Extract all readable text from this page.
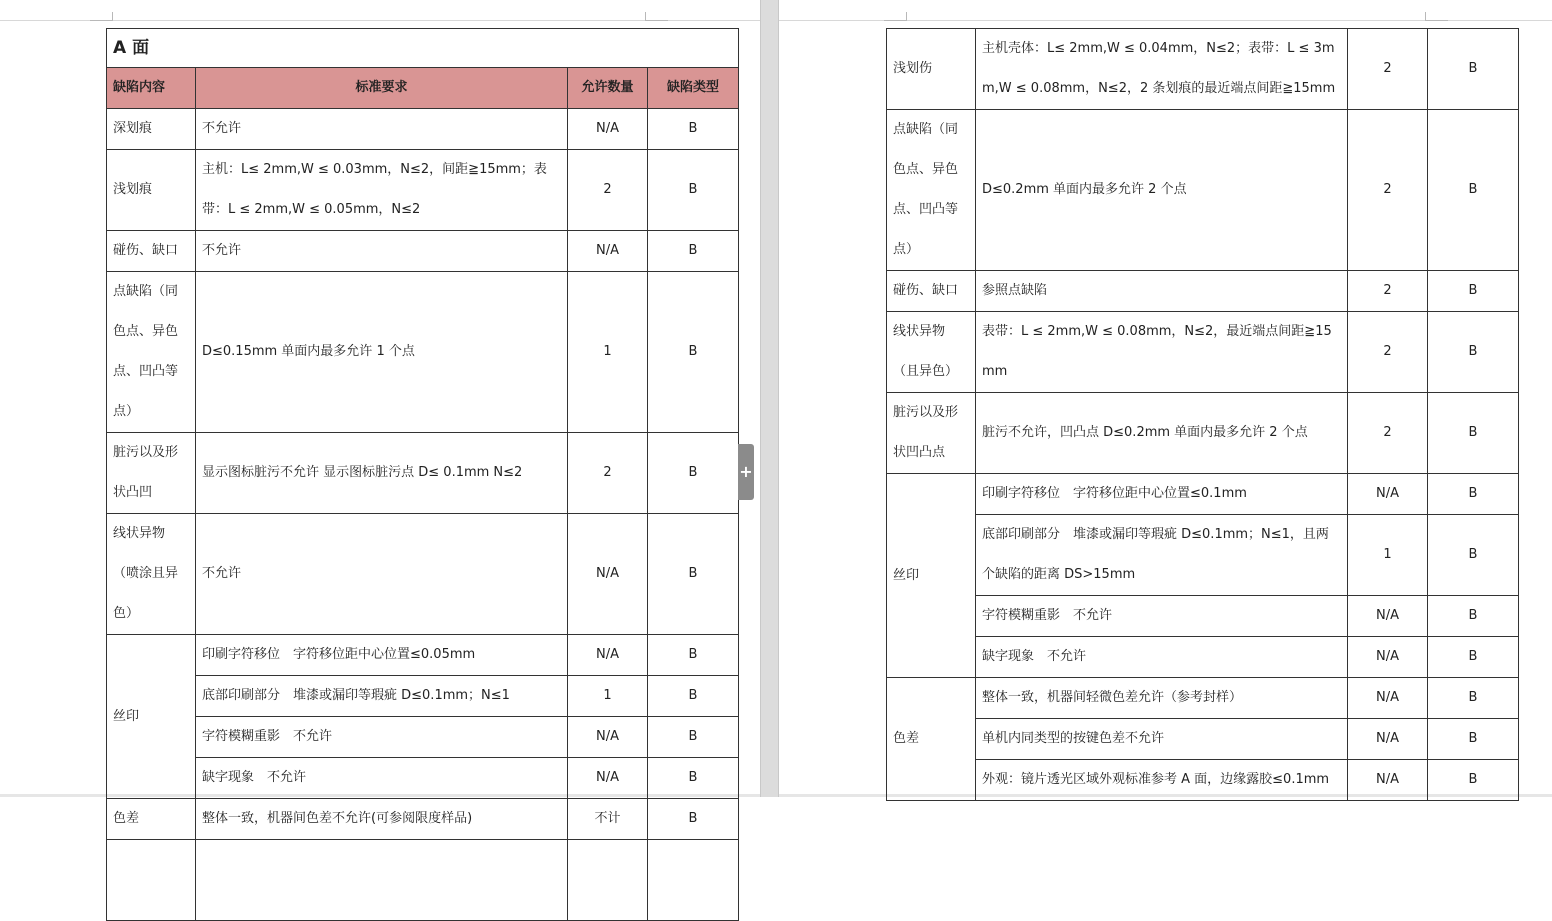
A 面			
缺陷内容	标准要求	允许数量	缺陷类型
深划痕	不允许	N/A	B
浅划痕	主机：L≤ 2mm,W ≤ 0.03mm，N≤2，间距≧15mm；表带：L ≤ 2mm,W ≤ 0.05mm，N≤2	2	B
碰伤、缺口	不允许	N/A	B
点缺陷（同色点、异色点、凹凸等点）	D≤0.15mm 单面内最多允许 1 个点	1	B
脏污以及形状凸凹	显示图标脏污不允许 显示图标脏污点 D≤ 0.1mm N≤2	2	B
线状异物（喷涂且异色）	不允许	N/A	B
丝印	印刷字符移位　字符移位距中心位置≤0.05mm	N/A	B
	底部印刷部分　堆漆或漏印等瑕疵 D≤0.1mm；N≤1	1	B
	字符模糊重影　不允许	N/A	B
	缺字现象　不允许	N/A	B
色差	整体一致，机器间色差不允许(可参阅限度样品)	不计	B

+

浅划伤	主机壳体：L≤ 2mm,W ≤ 0.04mm，N≤2；表带：L ≤ 3mm,W ≤ 0.08mm，N≤2，2 条划痕的最近端点间距≧15mm	2	B
点缺陷（同色点、异色点、凹凸等点）	D≤0.2mm 单面内最多允许 2 个点	2	B
碰伤、缺口	参照点缺陷	2	B
线状异物（且异色）	表带：L ≤ 2mm,W ≤ 0.08mm，N≤2，最近端点间距≧15mm	2	B
脏污以及形状凹凸点	脏污不允许，凹凸点 D≤0.2mm 单面内最多允许 2 个点	2	B
丝印	印刷字符移位　字符移位距中心位置≤0.1mm	N/A	B
	底部印刷部分　堆漆或漏印等瑕疵 D≤0.1mm；N≤1，且两个缺陷的距离 DS>15mm	1	B
	字符模糊重影　不允许	N/A	B
	缺字现象　不允许	N/A	B
色差	整体一致，机器间轻微色差允许（参考封样）	N/A	B
	单机内同类型的按键色差不允许	N/A	B
	外观：镜片透光区域外观标准参考 A 面，边缘露胶≤0.1mm	N/A	B
